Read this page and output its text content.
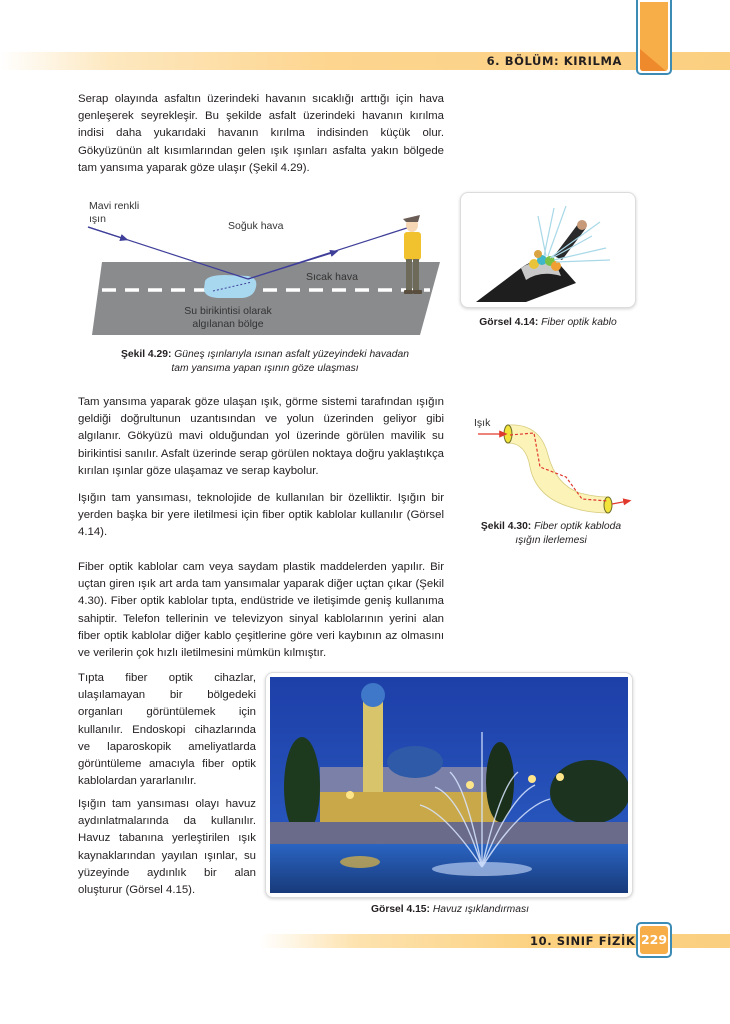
6. BÖLÜM: KIRILMA

Serap olayında asfaltın üzerindeki havanın sıcaklığı arttığı için hava genleşerek seyrekleşir. Bu şekilde asfalt üzerindeki havanın kırılma indisi daha yukarıdaki havanın kırılma indisinden küçük olur. Gökyüzünün alt kısımlarından gelen ışık ışınları asfalta yakın bölgede tam yansıma yaparak göze ulaşır (Şekil 4.29).

Mavi renkli
ışın
Soğuk hava
Sıcak hava
Su birikintisi olarak
algılanan bölge
Şekil 4.29: Güneş ışınlarıyla ısınan asfalt yüzeyindeki havadan
tam yansıma yapan ışının göze ulaşması
Görsel 4.14: Fiber optik kablo

Tam yansıma yaparak göze ulaşan ışık, görme sistemi tarafından ışığın geldiği doğrultunun uzantısından ve yolun üzerinden geliyor gibi algılanır. Gökyüzü mavi olduğundan yol üzerinde görülen mavilik su birikintisi sanılır. Asfalt üzerinde serap görülen noktaya doğru yaklaştıkça kırılan ışınlar göze ulaşamaz ve serap kaybolur.

Işık
Şekil 4.30: Fiber optik kabloda
ışığın ilerlemesi

Işığın tam yansıması, teknolojide de kullanılan bir özelliktir. Işığın bir yerden başka bir yere iletilmesi için fiber optik kablolar kullanılır (Görsel 4.14).

Fiber optik kablolar cam veya saydam plastik maddelerden yapılır. Bir uçtan giren ışık art arda tam yansımalar yaparak diğer uçtan çıkar (Şekil 4.30). Fiber optik kablolar tıpta, endüstride ve iletişimde geniş kullanıma sahiptir. Telefon tellerinin ve televizyon sinyal kablolarının yerini alan fiber optik kablolar diğer kablo çeşitlerine göre veri kaybının az olmasını ve verilerin çok hızlı iletilmesini mümkün kılmıştır.

Tıpta fiber optik cihazlar, ulaşılamayan bir bölgedeki organları görüntülemek için kullanılır. Endoskopi cihazlarında ve laparoskopik ameliyatlarda görüntüleme amacıyla fiber optik kablolardan yararlanılır.

Işığın tam yansıması olayı havuz aydınlatmalarında da kullanılır. Havuz tabanına yerleştirilen ışık kaynaklarından yayılan ışınlar, su yüzeyinde aydınlık bir alan oluşturur (Görsel 4.15).

Görsel 4.15: Havuz ışıklandırması
10. SINIF FİZİK 229
